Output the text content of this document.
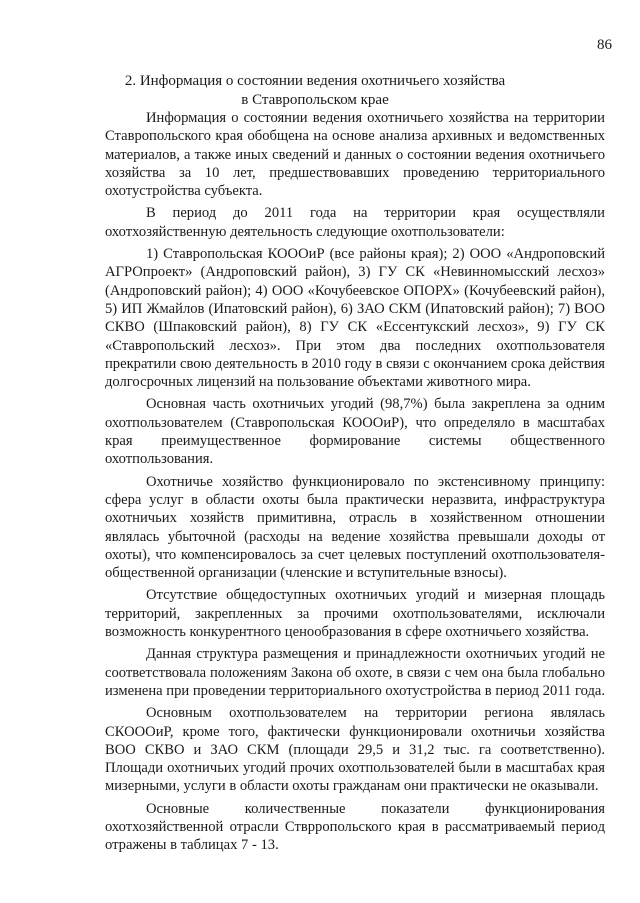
86
2. Информация о состоянии ведения охотничьего хозяйства
в Ставропольском крае

Информация о состоянии ведения охотничьего хозяйства на территории Ставропольского края обобщена на основе анализа архивных и ведомственных материалов, а также иных сведений и данных о состоянии ведения охотничьего хозяйства за 10 лет, предшествовавших проведению территориального охотустройства субъекта.

В период до 2011 года на территории края осуществляли охотхозяйственную деятельность следующие охотпользователи:

1) Ставропольская КОООиР (все районы края); 2) ООО «Андроповский АГРОпроект» (Андроповский район), 3) ГУ СК «Невинномысский лесхоз» (Андроповский район); 4) ООО «Кочубеевское ОПОРХ» (Кочубеевский район), 5) ИП Жмайлов (Ипатовский район), 6) ЗАО СКМ (Ипатовский район); 7) ВОО СКВО (Шпаковский район), 8) ГУ СК «Ессентукский лесхоз», 9) ГУ СК «Ставропольский лесхоз». При этом два последних охотпользователя прекратили свою деятельность в 2010 году в связи с окончанием срока действия долгосрочных лицензий на пользование объектами животного мира.

Основная часть охотничьих угодий (98,7%) была закреплена за одним охотпользователем (Ставропольская КОООиР), что определяло в масштабах края преимущественное формирование системы общественного охотпользования.

Охотничье хозяйство функционировало по экстенсивному принципу: сфера услуг в области охоты была практически неразвита, инфраструктура охотничьих хозяйств примитивна, отрасль в хозяйственном отношении являлась убыточной (расходы на ведение хозяйства превышали доходы от охоты), что компенсировалось за счет целевых поступлений охотпользователя-общественной организации (членские и вступительные взносы).

Отсутствие общедоступных охотничьих угодий и мизерная площадь территорий, закрепленных за прочими охотпользователями, исключали возможность конкурентного ценообразования в сфере охотничьего хозяйства.

Данная структура размещения и принадлежности охотничьих угодий не соответствовала положениям Закона об охоте, в связи с чем она была глобально изменена при проведении территориального охотустройства в период 2011 года.

Основным охотпользователем на территории региона являлась СКОООиР, кроме того, фактически функционировали охотничьи хозяйства ВОО СКВО и ЗАО СКМ (площади 29,5 и 31,2 тыс. га соответственно). Площади охотничьих угодий прочих охотпользователей были в масштабах края мизерными, услуги в области охоты гражданам они практически не оказывали.

Основные количественные показатели функционирования охотхозяйственной отрасли Стврропольского края в рассматриваемый период отражены в таблицах 7 - 13.
